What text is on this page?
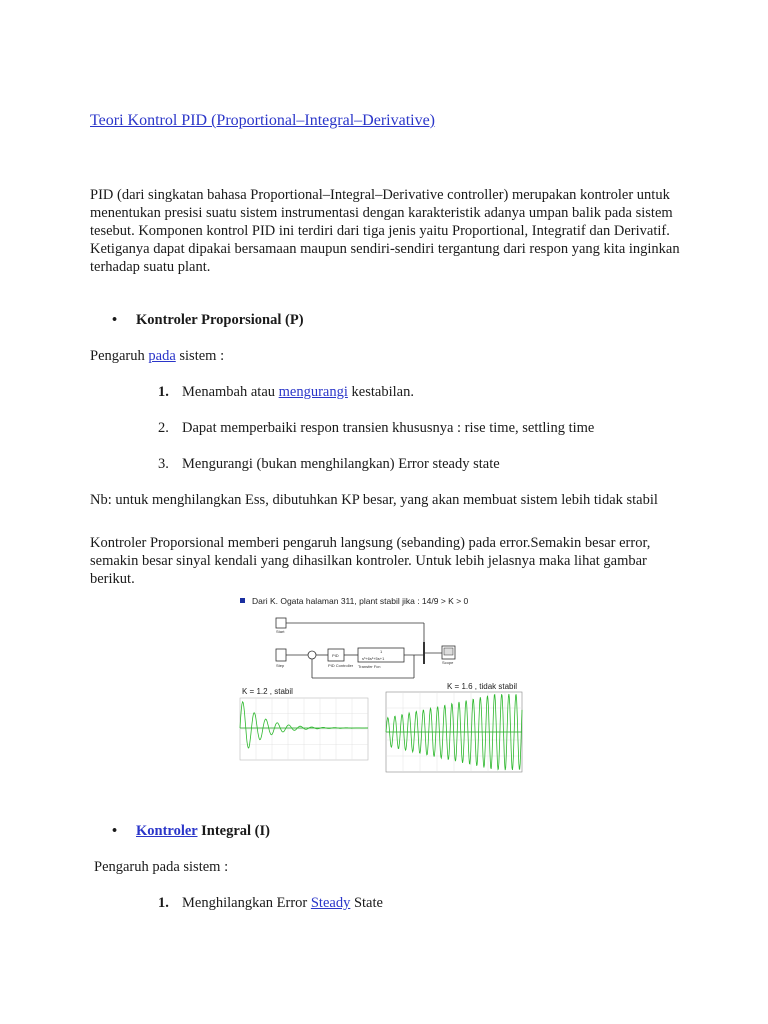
Teori Kontrol PID (Proportional–Integral–Derivative)
PID (dari singkatan bahasa Proportional–Integral–Derivative controller) merupakan kontroler untuk menentukan presisi suatu sistem instrumentasi dengan karakteristik adanya umpan balik pada sistem tesebut. Komponen kontrol PID ini terdiri dari tiga jenis yaitu Proportional, Integratif dan Derivatif. Ketiganya dapat dipakai bersamaan maupun sendiri-sendiri tergantung dari respon yang kita inginkan terhadap suatu plant.
• Kontroler Proporsional (P)
Pengaruh pada sistem :
1. Menambah atau mengurangi kestabilan.
2. Dapat memperbaiki respon transien khususnya : rise time, settling time
3. Mengurangi (bukan menghilangkan) Error steady state
Nb: untuk menghilangkan Ess, dibutuhkan KP besar, yang akan membuat sistem lebih tidak stabil
Kontroler Proporsional memberi pengaruh langsung (sebanding) pada error.Semakin besar error, semakin besar sinyal kendali yang dihasilkan kontroler. Untuk lebih jelasnya maka lihat gambar berikut.
Dari K. Ogata halaman 311, plant stabil jika : 14/9 > K > 0
Start
Step	PID Controller
PID
Transfer Fcn
1
s³+6s²+5s+1
Scope
K = 1.2 , stabil
K = 1.6 , tidak stabil
• Kontroler Integral (I)
Pengaruh pada sistem :
1. Menghilangkan Error Steady State
